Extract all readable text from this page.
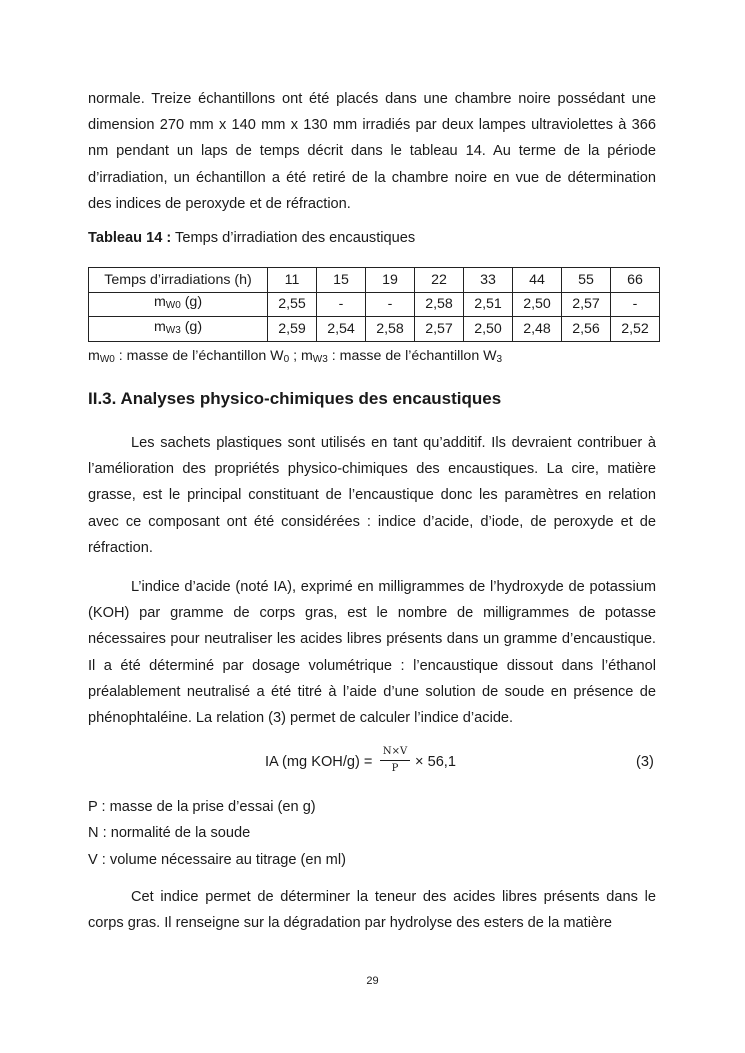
normale. Treize échantillons ont été placés dans une chambre noire possédant une dimension 270 mm x 140 mm x 130 mm irradiés par deux lampes ultraviolettes à 366 nm pendant un laps de temps décrit dans le tableau 14. Au terme de la période d’irradiation, un échantillon a été retiré de la chambre noire en vue de détermination des indices de peroxyde et de réfraction.

Tableau 14 : Temps d’irradiation des encaustiques

Temps d’irradiations (h)	11	15	19	22	33	44	55	66
$m_{W0}$ (g)	2,55	-	-	2,58	2,51	2,50	2,57	-
$m_{W3}$ (g)	2,59	2,54	2,58	2,57	2,50	2,48	2,56	2,52

$m_{W0}$ : masse de l’échantillon $W_0$ ; $m_{W3}$ : masse de l’échantillon $W_3$

II.3. Analyses physico-chimiques des encaustiques

Les sachets plastiques sont utilisés en tant qu’additif. Ils devraient contribuer à l’amélioration des propriétés physico-chimiques des encaustiques. La cire, matière grasse, est le principal constituant de l’encaustique donc les paramètres en relation avec ce composant ont été considérées : indice d’acide, d’iode, de peroxyde et de réfraction.

L’indice d’acide (noté IA), exprimé en milligrammes de l’hydroxyde de potassium (KOH) par gramme de corps gras, est le nombre de milligrammes de potasse nécessaires pour neutraliser les acides libres présents dans un gramme d’encaustique. Il a été déterminé par dosage volumétrique : l’encaustique dissout dans l’éthanol préalablement neutralisé a été titré à l’aide d’une solution de soude en présence de phénophtaléine. La relation (3) permet de calculer l’indice d’acide.

IA (mg KOH/g) =
N×V
P	× 56,1	(3)
P : masse de la prise d’essai (en g)
N : normalité de la soude
V : volume nécessaire au titrage (en ml)

Cet indice permet de déterminer la teneur des acides libres présents dans le corps gras. Il renseigne sur la dégradation par hydrolyse des esters de la matière

29
